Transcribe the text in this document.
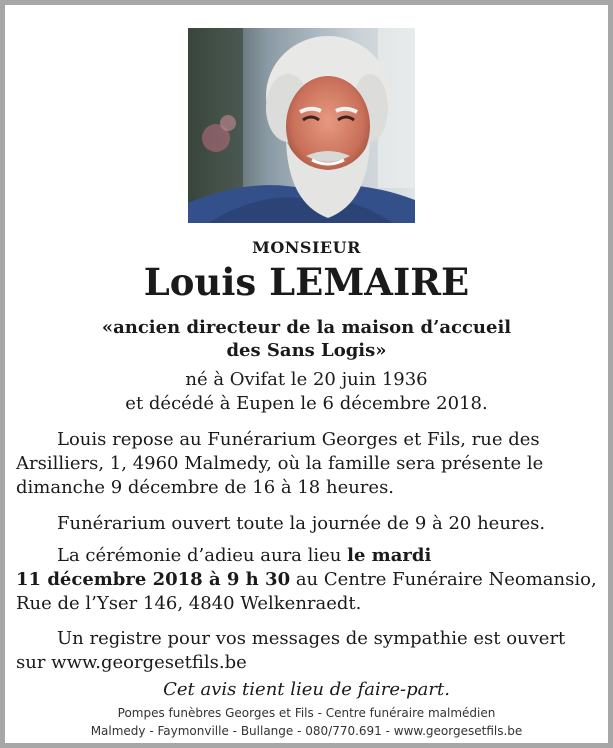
MONSIEUR
Louis LEMAIRE
«ancien directeur de la maison d’accueil
des Sans Logis»
né à Ovifat le 20 juin 1936
et décédé à Eupen le 6 décembre 2018.
Louis repose au Funérarium Georges et Fils, rue des
Arsilliers, 1, 4960 Malmedy, où la famille sera présente le
dimanche 9 décembre de 16 à 18 heures.
Funérarium ouvert toute la journée de 9 à 20 heures.
La cérémonie d’adieu aura lieu le mardi
11 décembre 2018 à 9 h 30 au Centre Funéraire Neomansio,
Rue de l’Yser 146, 4840 Welkenraedt.
Un registre pour vos messages de sympathie est ouvert
sur www.georgesetfils.be
Cet avis tient lieu de faire-part.
Pompes funèbres Georges et Fils - Centre funéraire malmédien
Malmedy - Faymonville - Bullange - 080/770.691 - www.georgesetfils.be
